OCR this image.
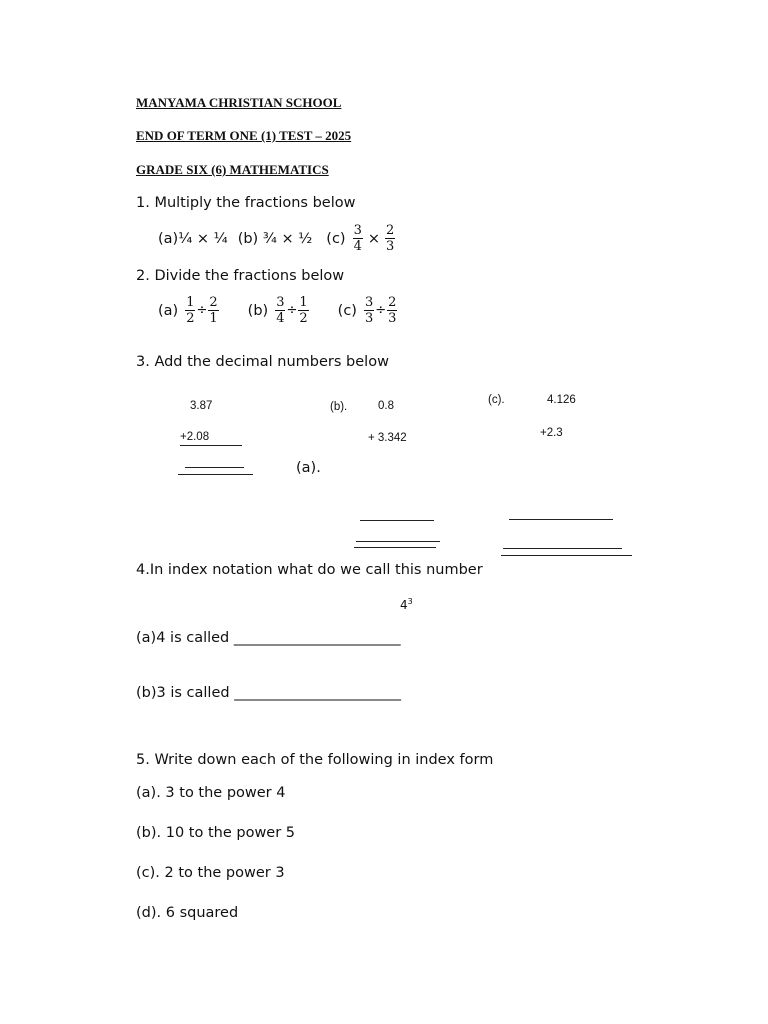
MANYAMA CHRISTIAN SCHOOL
END OF TERM ONE (1) TEST – 2025
GRADE SIX (6) MATHEMATICS
1. Multiply the fractions below
(a)¼ × ¼ (b) ¾ × ½ $(c) \frac{3}{4} \times \frac{2}{3}$
2. Divide the fractions below
$(a) \frac{1}{2} \div \frac{2}{1} (b) \frac{3}{4} \div \frac{1}{2} (c) \frac{3}{3} \div \frac{2}{3}$
3. Add the decimal numbers below
3.87
+2.08
(a).
(b).	0.8
+ 3.342
(c).	4.126
+2.3
4.In index notation what do we call this number
$4^3$
(a)4 is called _______________________
(b)3 is called _______________________
5. Write down each of the following in index form
(a). 3 to the power 4
(b). 10 to the power 5
(c). 2 to the power 3
(d). 6 squared
